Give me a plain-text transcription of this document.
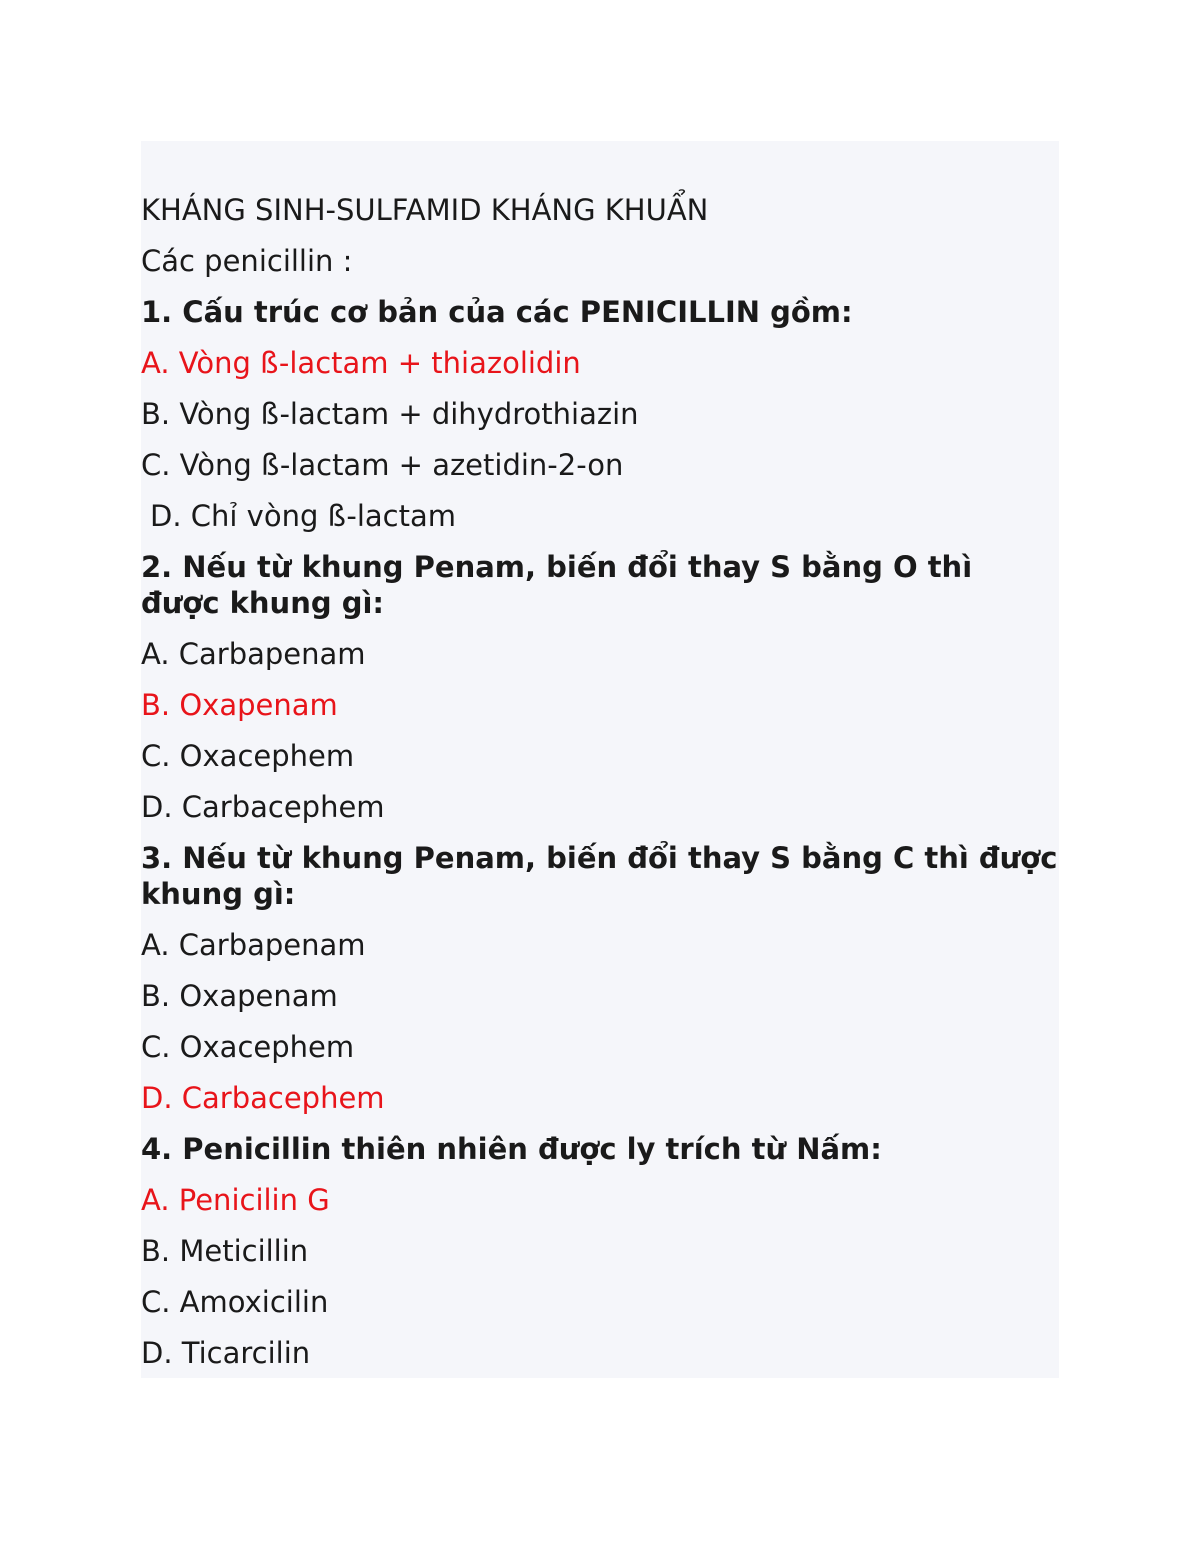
KHÁNG SINH-SULFAMID KHÁNG KHUẨN
Các penicillin :
1. Cấu trúc cơ bản của các PENICILLIN gồm:
A. Vòng ß-lactam + thiazolidin
B. Vòng ß-lactam + dihydrothiazin
C. Vòng ß-lactam + azetidin-2-on
D. Chỉ vòng ß-lactam
2. Nếu từ khung Penam, biến đổi thay S bằng O thì được khung gì:
A. Carbapenam
B. Oxapenam
C. Oxacephem
D. Carbacephem
3. Nếu từ khung Penam, biến đổi thay S bằng C thì được khung gì:
A. Carbapenam
B. Oxapenam
C. Oxacephem
D. Carbacephem
4. Penicillin thiên nhiên được ly trích từ Nấm:
A. Penicilin G
B. Meticillin
C. Amoxicilin
D. Ticarcilin
